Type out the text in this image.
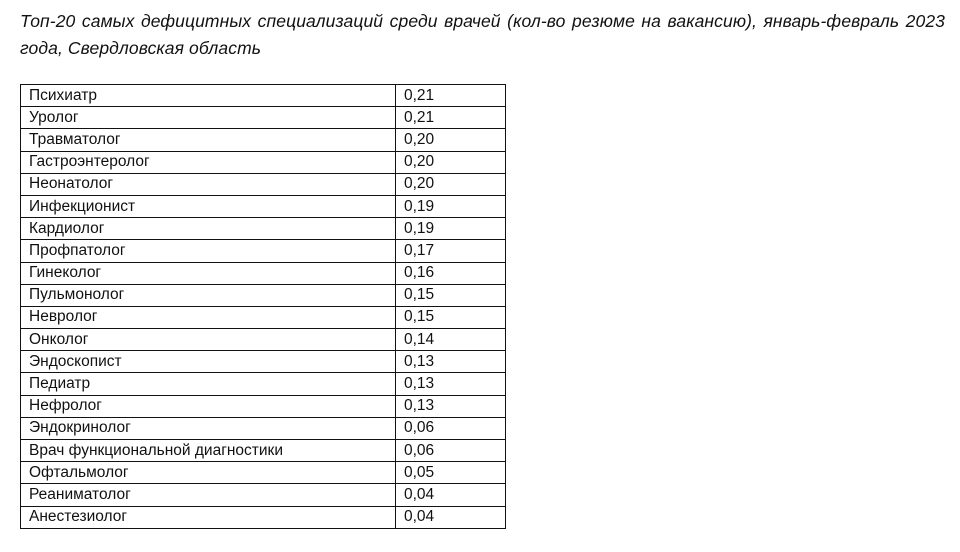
Топ-20 самых дефицитных специализаций среди врачей (кол-во резюме на вакансию), январь-февраль 2023 года, Свердловская область

Психиатр	0,21
Уролог	0,21
Травматолог	0,20
Гастроэнтеролог	0,20
Неонатолог	0,20
Инфекционист	0,19
Кардиолог	0,19
Профпатолог	0,17
Гинеколог	0,16
Пульмонолог	0,15
Невролог	0,15
Онколог	0,14
Эндоскопист	0,13
Педиатр	0,13
Нефролог	0,13
Эндокринолог	0,06
Врач функциональной диагностики	0,06
Офтальмолог	0,05
Реаниматолог	0,04
Анестезиолог	0,04
